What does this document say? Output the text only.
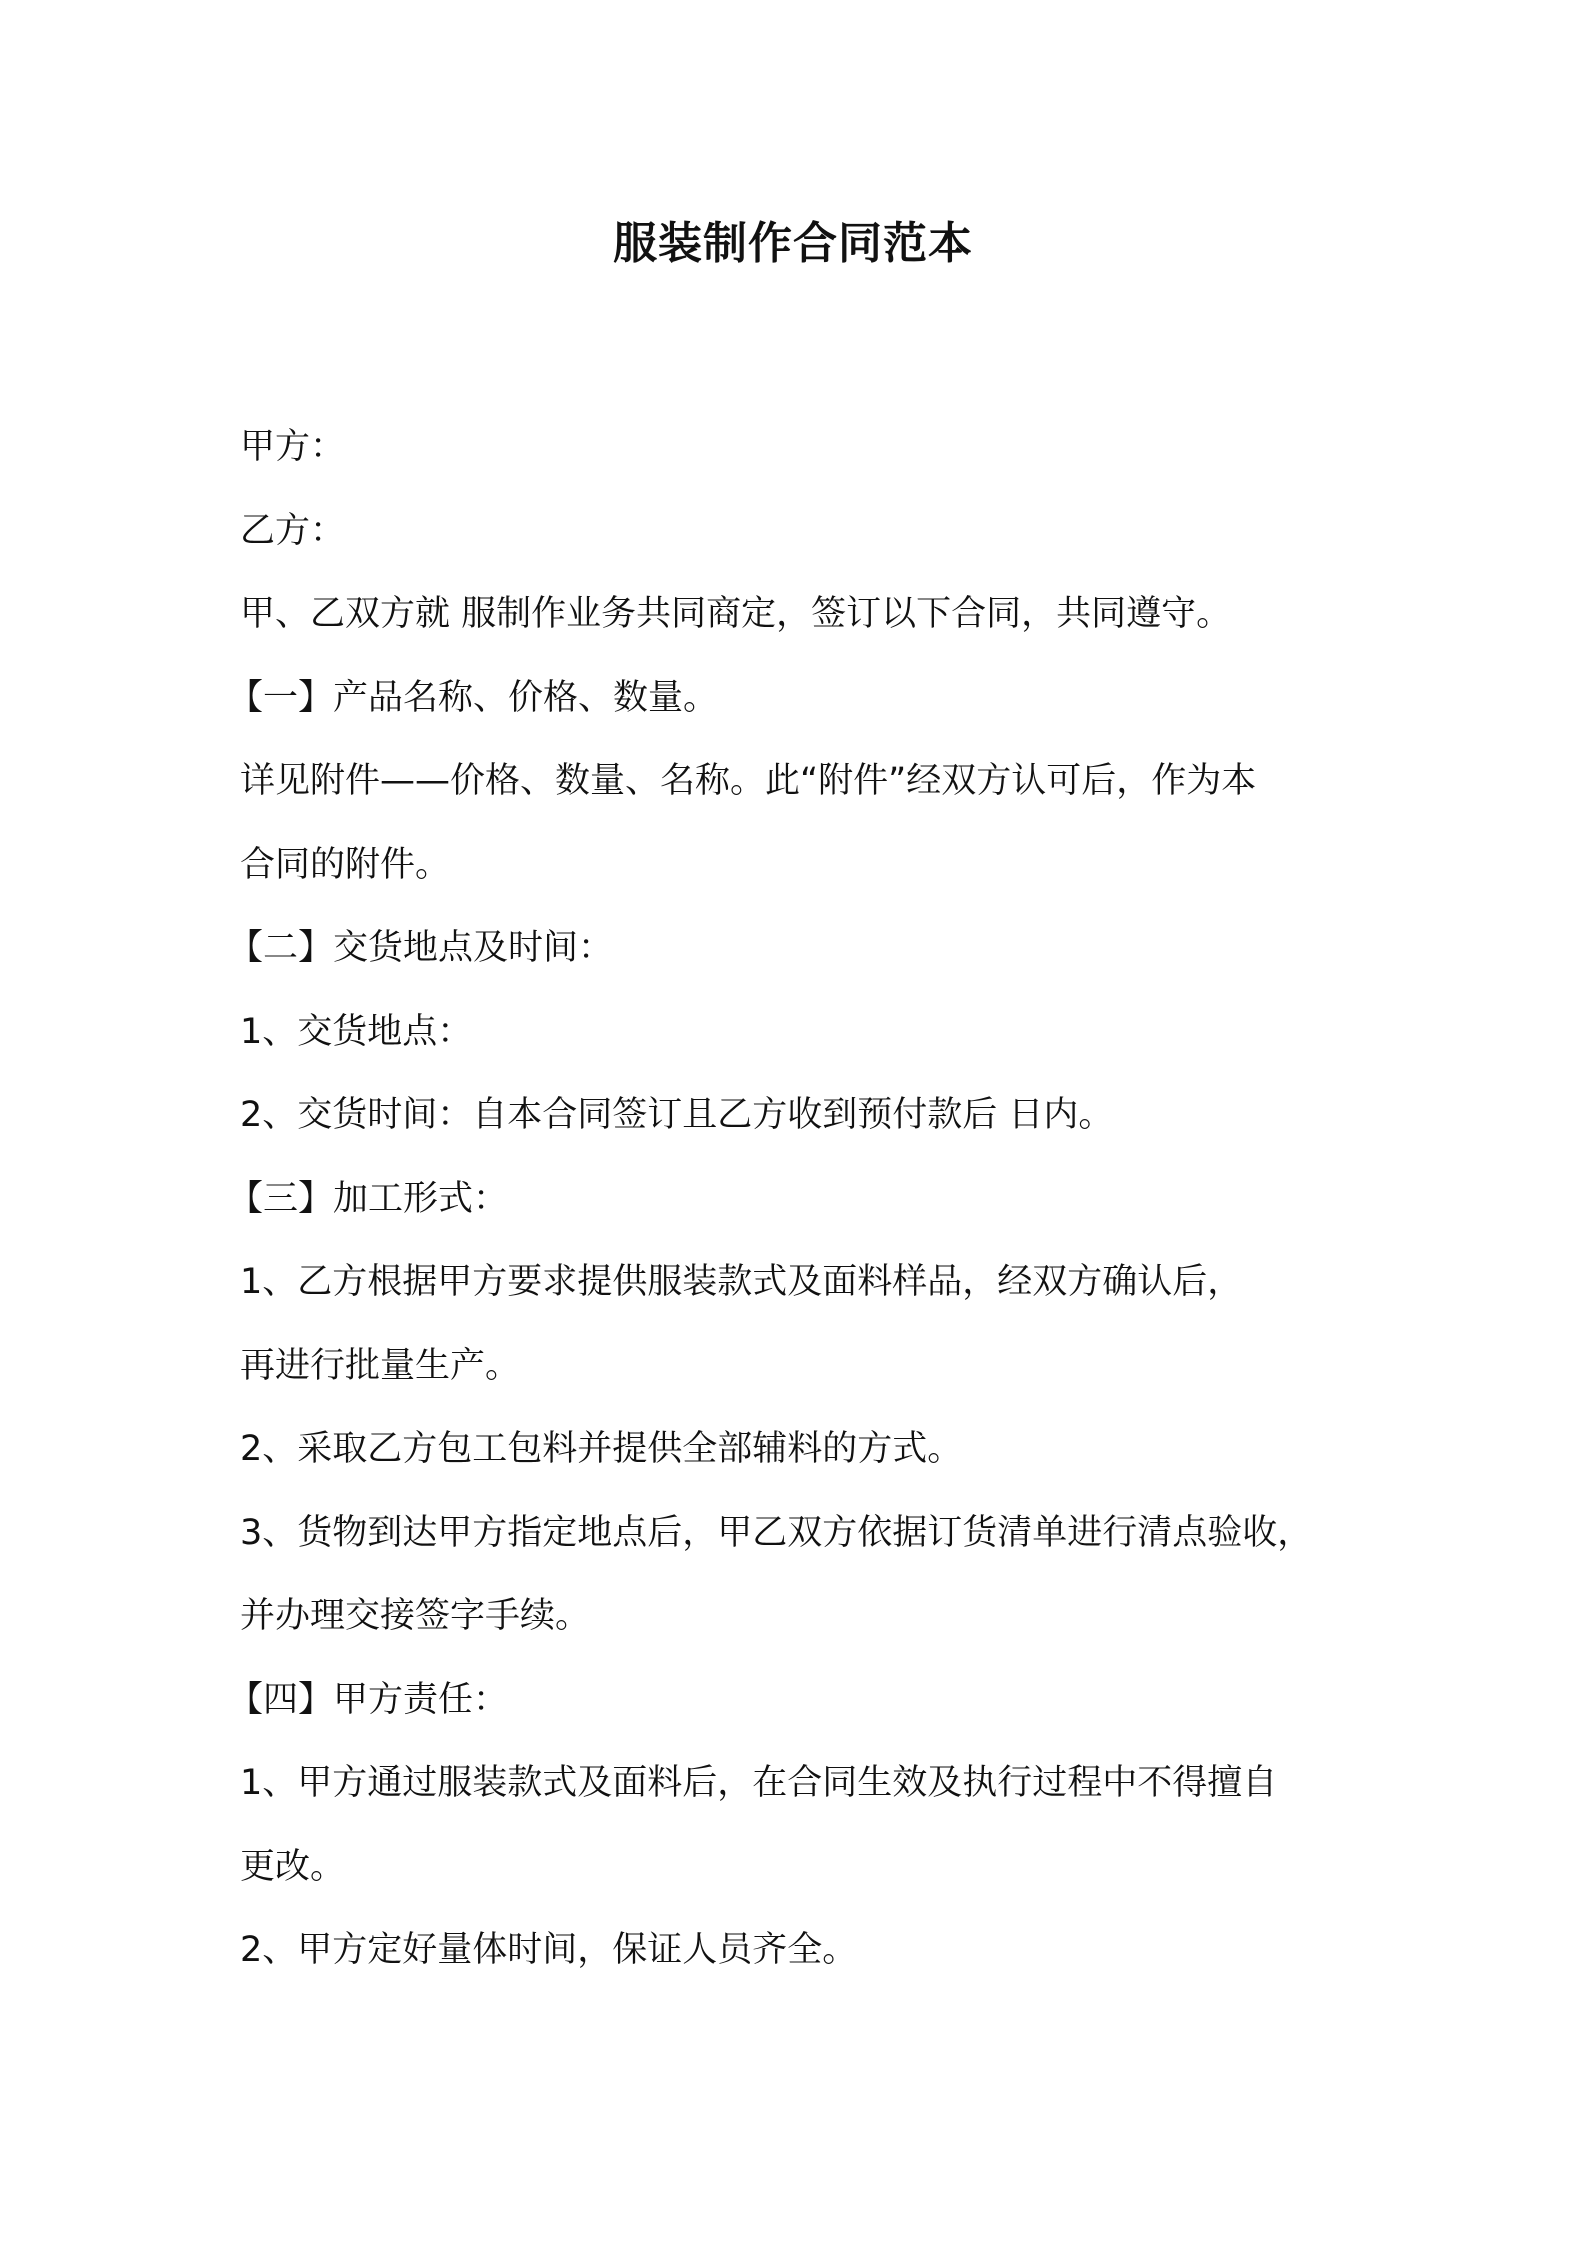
服装制作合同范本
甲方：
乙方：
甲、乙双方就 服制作业务共同商定，签订以下合同，共同遵守。
【一】产品名称、价格、数量。
详见附件——价格、数量、名称。此“附件”经双方认可后，作为本
合同的附件。
【二】交货地点及时间：
1、交货地点：
2、交货时间：自本合同签订且乙方收到预付款后 日内。
【三】加工形式：
1、乙方根据甲方要求提供服装款式及面料样品，经双方确认后，
再进行批量生产。
2、采取乙方包工包料并提供全部辅料的方式。
3、货物到达甲方指定地点后，甲乙双方依据订货清单进行清点验收，
并办理交接签字手续。
【四】甲方责任：
1、甲方通过服装款式及面料后，在合同生效及执行过程中不得擅自
更改。
2、甲方定好量体时间，保证人员齐全。
